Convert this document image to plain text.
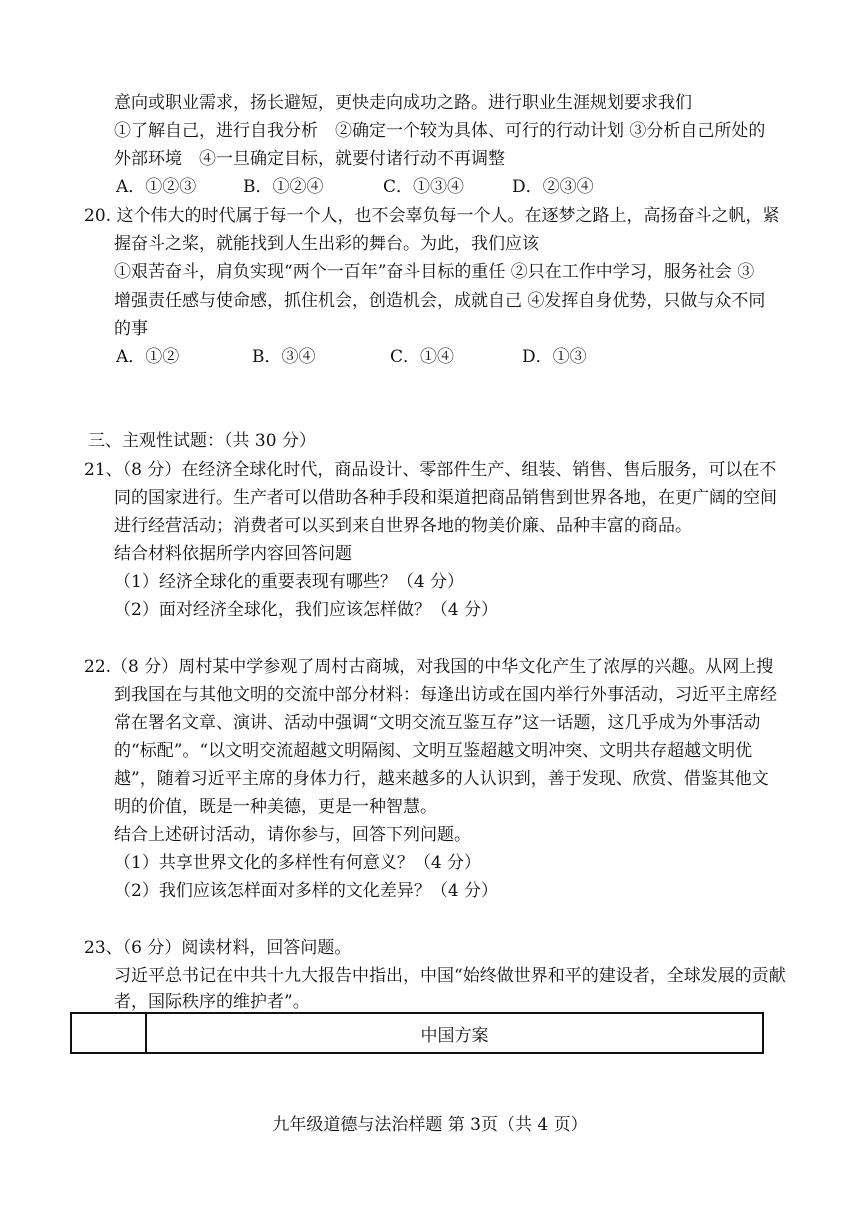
意向或职业需求，扬长避短，更快走向成功之路。进行职业生涯规划要求我们
①了解自己，进行自我分析　②确定一个较为具体、可行的行动计划 ③分析自己所处的
外部环境　④一旦确定目标，就要付诸行动不再调整
A．①②③	B．①②④	C．①③④	D．②③④
20. 这个伟大的时代属于每一个人，也不会辜负每一个人。在逐梦之路上，高扬奋斗之帆，紧
握奋斗之桨，就能找到人生出彩的舞台。为此，我们应该
①艰苦奋斗，肩负实现“两个一百年”奋斗目标的重任 ②只在工作中学习，服务社会 ③
增强责任感与使命感，抓住机会，创造机会，成就自己 ④发挥自身优势，只做与众不同
的事
A．①②	B．③④	C．①④	D．①③
三、主观性试题：（共 30 分）
21、（8 分）在经济全球化时代，商品设计、零部件生产、组装、销售、售后服务，可以在不
同的国家进行。生产者可以借助各种手段和渠道把商品销售到世界各地，在更广阔的空间
进行经营活动；消费者可以买到来自世界各地的物美价廉、品种丰富的商品。
结合材料依据所学内容回答问题
（1）经济全球化的重要表现有哪些？（4 分）
（2）面对经济全球化，我们应该怎样做？（4 分）
22.（8 分）周村某中学参观了周村古商城，对我国的中华文化产生了浓厚的兴趣。从网上搜
到我国在与其他文明的交流中部分材料：每逢出访或在国内举行外事活动，习近平主席经
常在署名文章、演讲、活动中强调“文明交流互鉴互存”这一话题，这几乎成为外事活动
的“标配”。“以文明交流超越文明隔阂、文明互鉴超越文明冲突、文明共存超越文明优
越”，随着习近平主席的身体力行，越来越多的人认识到，善于发现、欣赏、借鉴其他文
明的价值，既是一种美德，更是一种智慧。
结合上述研讨活动，请你参与，回答下列问题。
（1）共享世界文化的多样性有何意义？（4 分）
（2）我们应该怎样面对多样的文化差异？（4 分）
23、（6 分）阅读材料，回答问题。
习近平总书记在中共十九大报告中指出，中国“始终做世界和平的建设者，全球发展的贡献
者，国际秩序的维护者”。
中国方案
九年级道德与法治样题 第 3页（共 4 页）
